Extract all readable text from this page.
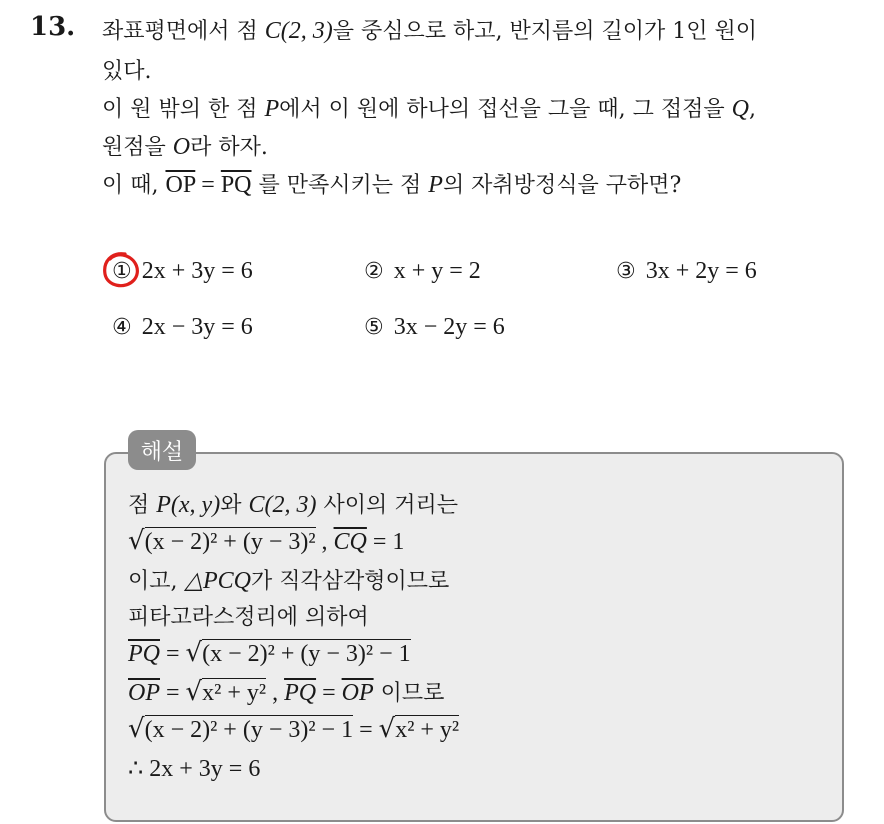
13. 좌표평면에서 점 C(2, 3)을 중심으로 하고, 반지름의 길이가 1인 원이
있다.
이 원 밖의 한 점 P에서 이 원에 하나의 접선을 그을 때, 그 접점을 Q,
원점을 O라 하자.
이 때, $\overline{OP} = \overline{PQ}$ 를 만족시키는 점 P의 자취방정식을 구하면?
① 2x + 3y = 6	② x + y = 2	③ 3x + 2y = 6
④ 2x − 3y = 6	⑤ 3x − 2y = 6
해설
점 P(x, y)와 C(2, 3) 사이의 거리는
√(x − 2)² + (y − 3)² , $\overline{CQ} = 1$
이고, △PCQ가 직각삼각형이므로
피타고라스정리에 의하여
$\overline{PQ} = √(x - 2)^2 + (y - 3)^2 - 1$
$\overline{OP} = √x^2 + y^2$ , $\overline{PQ} = \overline{OP}$ 이므로
√(x − 2)² + (y − 3)² − 1 = √x² + y²
∴ 2x + 3y = 6
